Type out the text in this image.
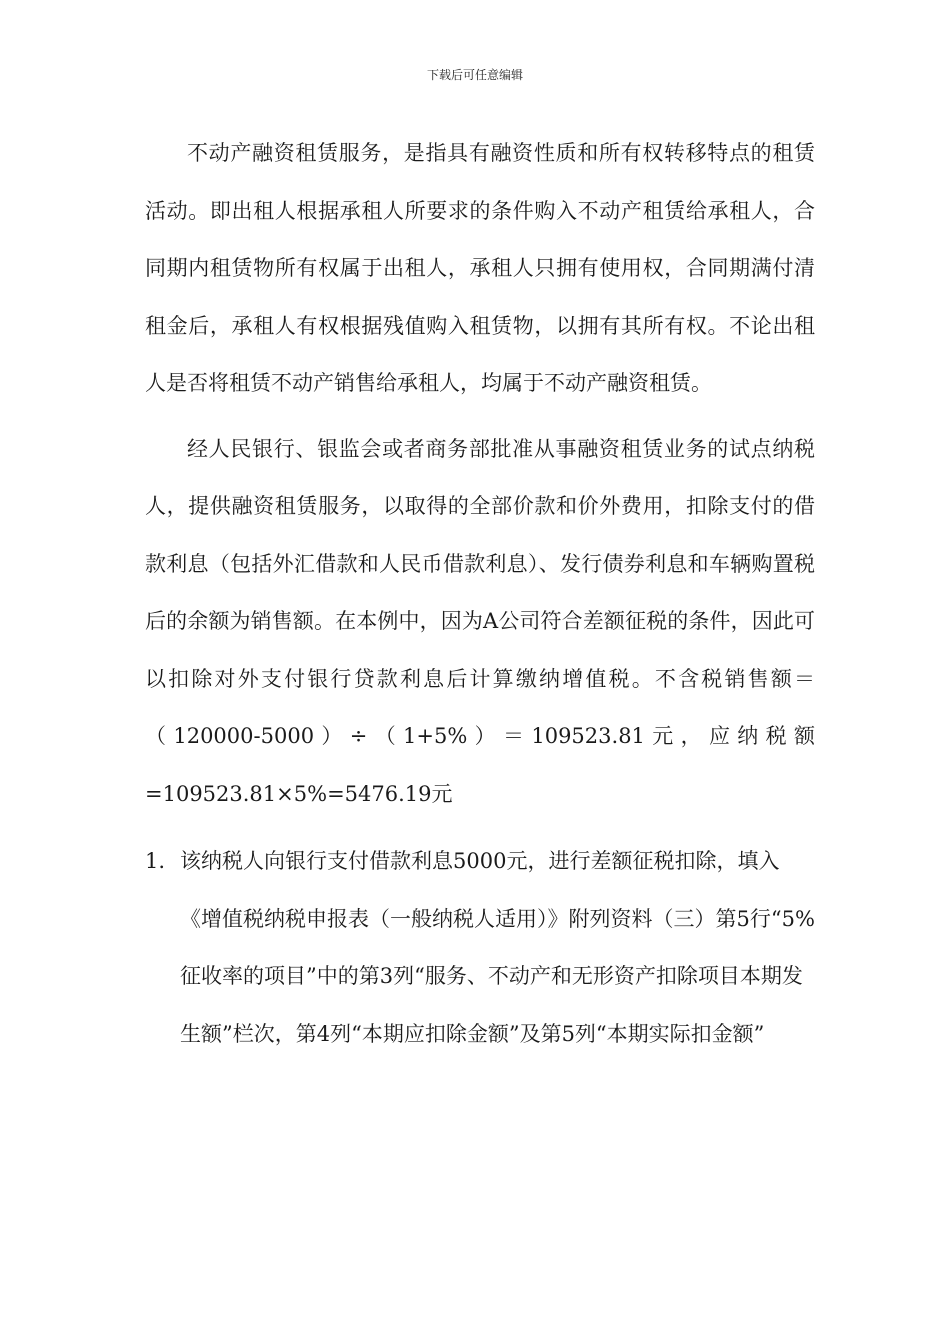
下载后可任意编辑

不动产融资租赁服务，是指具有融资性质和所有权转移特点的租赁活动。即出租人根据承租人所要求的条件购入不动产租赁给承租人，合同期内租赁物所有权属于出租人，承租人只拥有使用权，合同期满付清租金后，承租人有权根据残值购入租赁物，以拥有其所有权。不论出租人是否将租赁不动产销售给承租人，均属于不动产融资租赁。

经人民银行、银监会或者商务部批准从事融资租赁业务的试点纳税人，提供融资租赁服务，以取得的全部价款和价外费用，扣除支付的借款利息（包括外汇借款和人民币借款利息）、发行债券利息和车辆购置税后的余额为销售额。在本例中，因为A公司符合差额征税的条件，因此可以扣除对外支付银行贷款利息后计算缴纳增值税。不含税销售额＝（120000-5000）÷（1+5%）＝109523.81元，应纳税额=109523.81×5%=5476.19元

1. 该纳税人向银行支付借款利息5000元，进行差额征税扣除，填入《增值税纳税申报表（一般纳税人适用）》附列资料（三）第5行“5%征收率的项目”中的第3列“服务、不动产和无形资产扣除项目本期发生额”栏次，第4列“本期应扣除金额”及第5列“本期实际扣金额”
